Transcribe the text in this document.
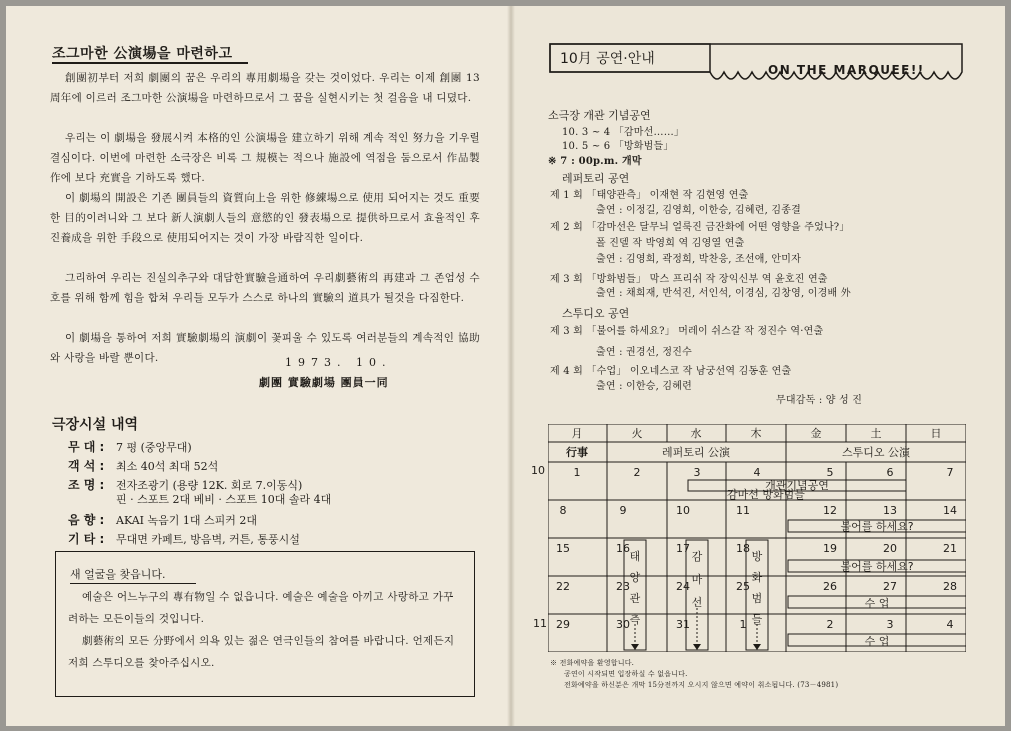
조그마한 公演場을 마련하고
創團初부터 저희 劇團의 꿈은 우리의 專用劇場을 갖는 것이었다. 우리는 이제 創團 13周年에 이르러 조그마한 公演場을 마련하므로서 그 꿈을 실현시키는 첫 걸음을 내 디뎠다.
우리는 이 劇場을 發展시켜 本格的인 公演場을 建立하기 위해 계속 적인 努力을 기우릴 결심이다. 이번에 마련한 소극장은 비록 그 規模는 적으나 施設에 역점을 둠으로서 作品製作에 보다 充實을 기하도록 했다.
이 劇場의 開設은 기존 團員들의 資質向上을 위한 修練場으로 使用 되어지는 것도 重要한 目的이려니와 그 보다 新人演劇人들의 意慾的인 發表場으로 提供하므로서 효율적인 후진養成을 위한 手段으로 使用되어지는 것이 가장 바람직한 일이다.
그리하여 우리는 진실의추구와 대담한實驗을通하여 우리劇藝術의 再建과 그 존엄성 수호를 위해 함께 힘을 합쳐 우리들 모두가 스스로 하나의 實驗의 道具가 될것을 다짐한다.
이 劇場을 통하여 저희 實驗劇場의 演劇이 꽃피울 수 있도록 여러분들의 계속적인 協助와 사랑을 바랄 뿐이다.	1973. 10.
劇團 實驗劇場 團員一同
극장시설 내역
무 대 : 7 평 (중앙무대)
객 석 : 최소 40석 최대 52석
조 명 : 전자조광기 (용량 12K. 회로 7.이동식)
핀 · 스포트 2대 베비 · 스포트 10대 솔라 4대
음 향 : AKAI 녹음기 1대 스피커 2대
기 타 : 무대면 카페트, 방음벽, 커튼, 통풍시설
새 얼굴을 찾읍니다.
예술은 어느누구의 專有物일 수 없읍니다. 예술은 예술을 아끼고 사랑하고 가꾸려하는 모든이들의 것입니다.
劇藝術의 모든 分野에서 의욕 있는 젊은 연극인들의 참여를 바랍니다. 언제든지 저희 스투디오를 찾아주십시오.
10月 공연·안내
ON THE MARQUEE!!
소극장 개관 기념공연
10. 3 ~ 4 「감마선……」
10. 5 ~ 6 「방화범들」
※ 7 : 00p.m. 개막
레퍼토리 공연
제 1 회 「태양관측」 이재현 작 김현영 연출
출연 : 이정길, 김영희, 이한승, 김혜련, 김종결
제 2 회 「감마선은 달무늬 얼룩진 금잔화에 어떤 영향을 주었나?」
폴 진델 작 박영희 역 김영열 연출
출연 : 김영희, 곽정희, 박찬응, 조선애, 안미자
제 3 회 「방화범들」 막스 프리쉬 작 장익신부 역 윤호진 연출
출연 : 채희재, 반석진, 서인석, 이경심, 김창영, 이경배 外
스투디오 공연
제 3 회 「불어를 하세요?」 머레이 쉬스갈 작 정진수 역·연출
출연 : 권경선, 정진수
제 4 회 「수업」 이오네스코 작 남궁선역 김동훈 연출
출연 : 이한승, 김혜련
무대감독 : 양 성 진
月	火	水	木	金	土	日
行事	레퍼토리 公演	스투디오 公演
1	2	3	4	5	6	7
8	9	10	11	12	13	14
15	16	17	18	19	20	21
22	23	24	25	26	27	28
29	30	31	1	2	3	4
개관기념공연
감마선 방화범들
불어를 하세요?
불어를 하세요?
수 업
수 업
태
양
관
측
감
마
선
방
화
범
들
10
11
※ 전화예약을 환영합니다.
공연이 시작되면 입장하실 수 없읍니다.
전화예약을 하신분은 개막 15分전까지 오시지 않으면 예약이 취소됩니다. (73－4981)
